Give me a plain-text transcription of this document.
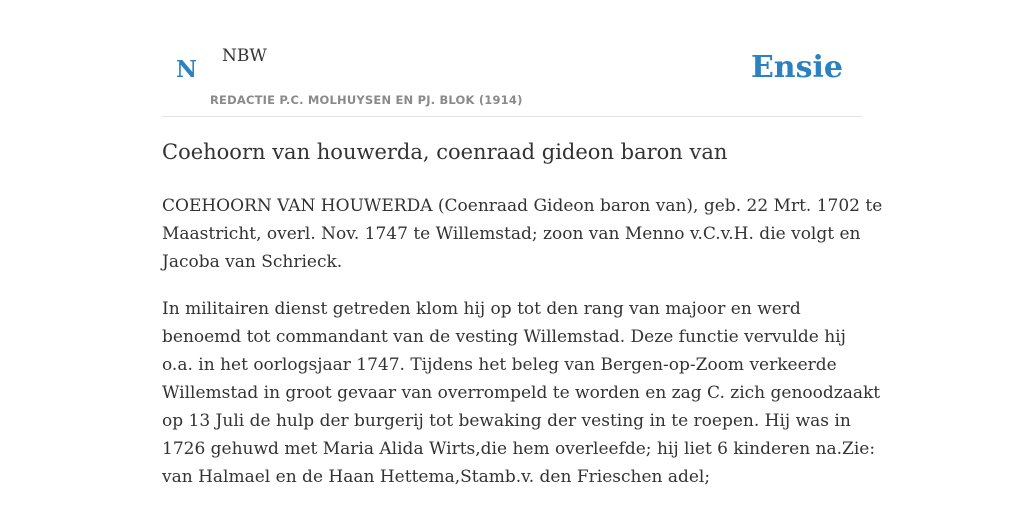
N NBW
REDACTIE P.C. MOLHUYSEN EN PJ. BLOK (1914)
Ensie
Coehoorn van houwerda, coenraad gideon baron van

COEHOORN VAN HOUWERDA (Coenraad Gideon baron van), geb. 22 Mrt. 1702 te
Maastricht, overl. Nov. 1747 te Willemstad; zoon van Menno v.C.v.H. die volgt en
Jacoba van Schrieck.

In militairen dienst getreden klom hij op tot den rang van majoor en werd
benoemd tot commandant van de vesting Willemstad. Deze functie vervulde hij
o.a. in het oorlogsjaar 1747. Tijdens het beleg van Bergen-op-Zoom verkeerde
Willemstad in groot gevaar van overrompeld te worden en zag C. zich genoodzaakt
op 13 Juli de hulp der burgerij tot bewaking der vesting in te roepen. Hij was in
1726 gehuwd met Maria Alida Wirts,die hem overleefde; hij liet 6 kinderen na.Zie:
van Halmael en de Haan Hettema,Stamb.v. den Frieschen adel;
